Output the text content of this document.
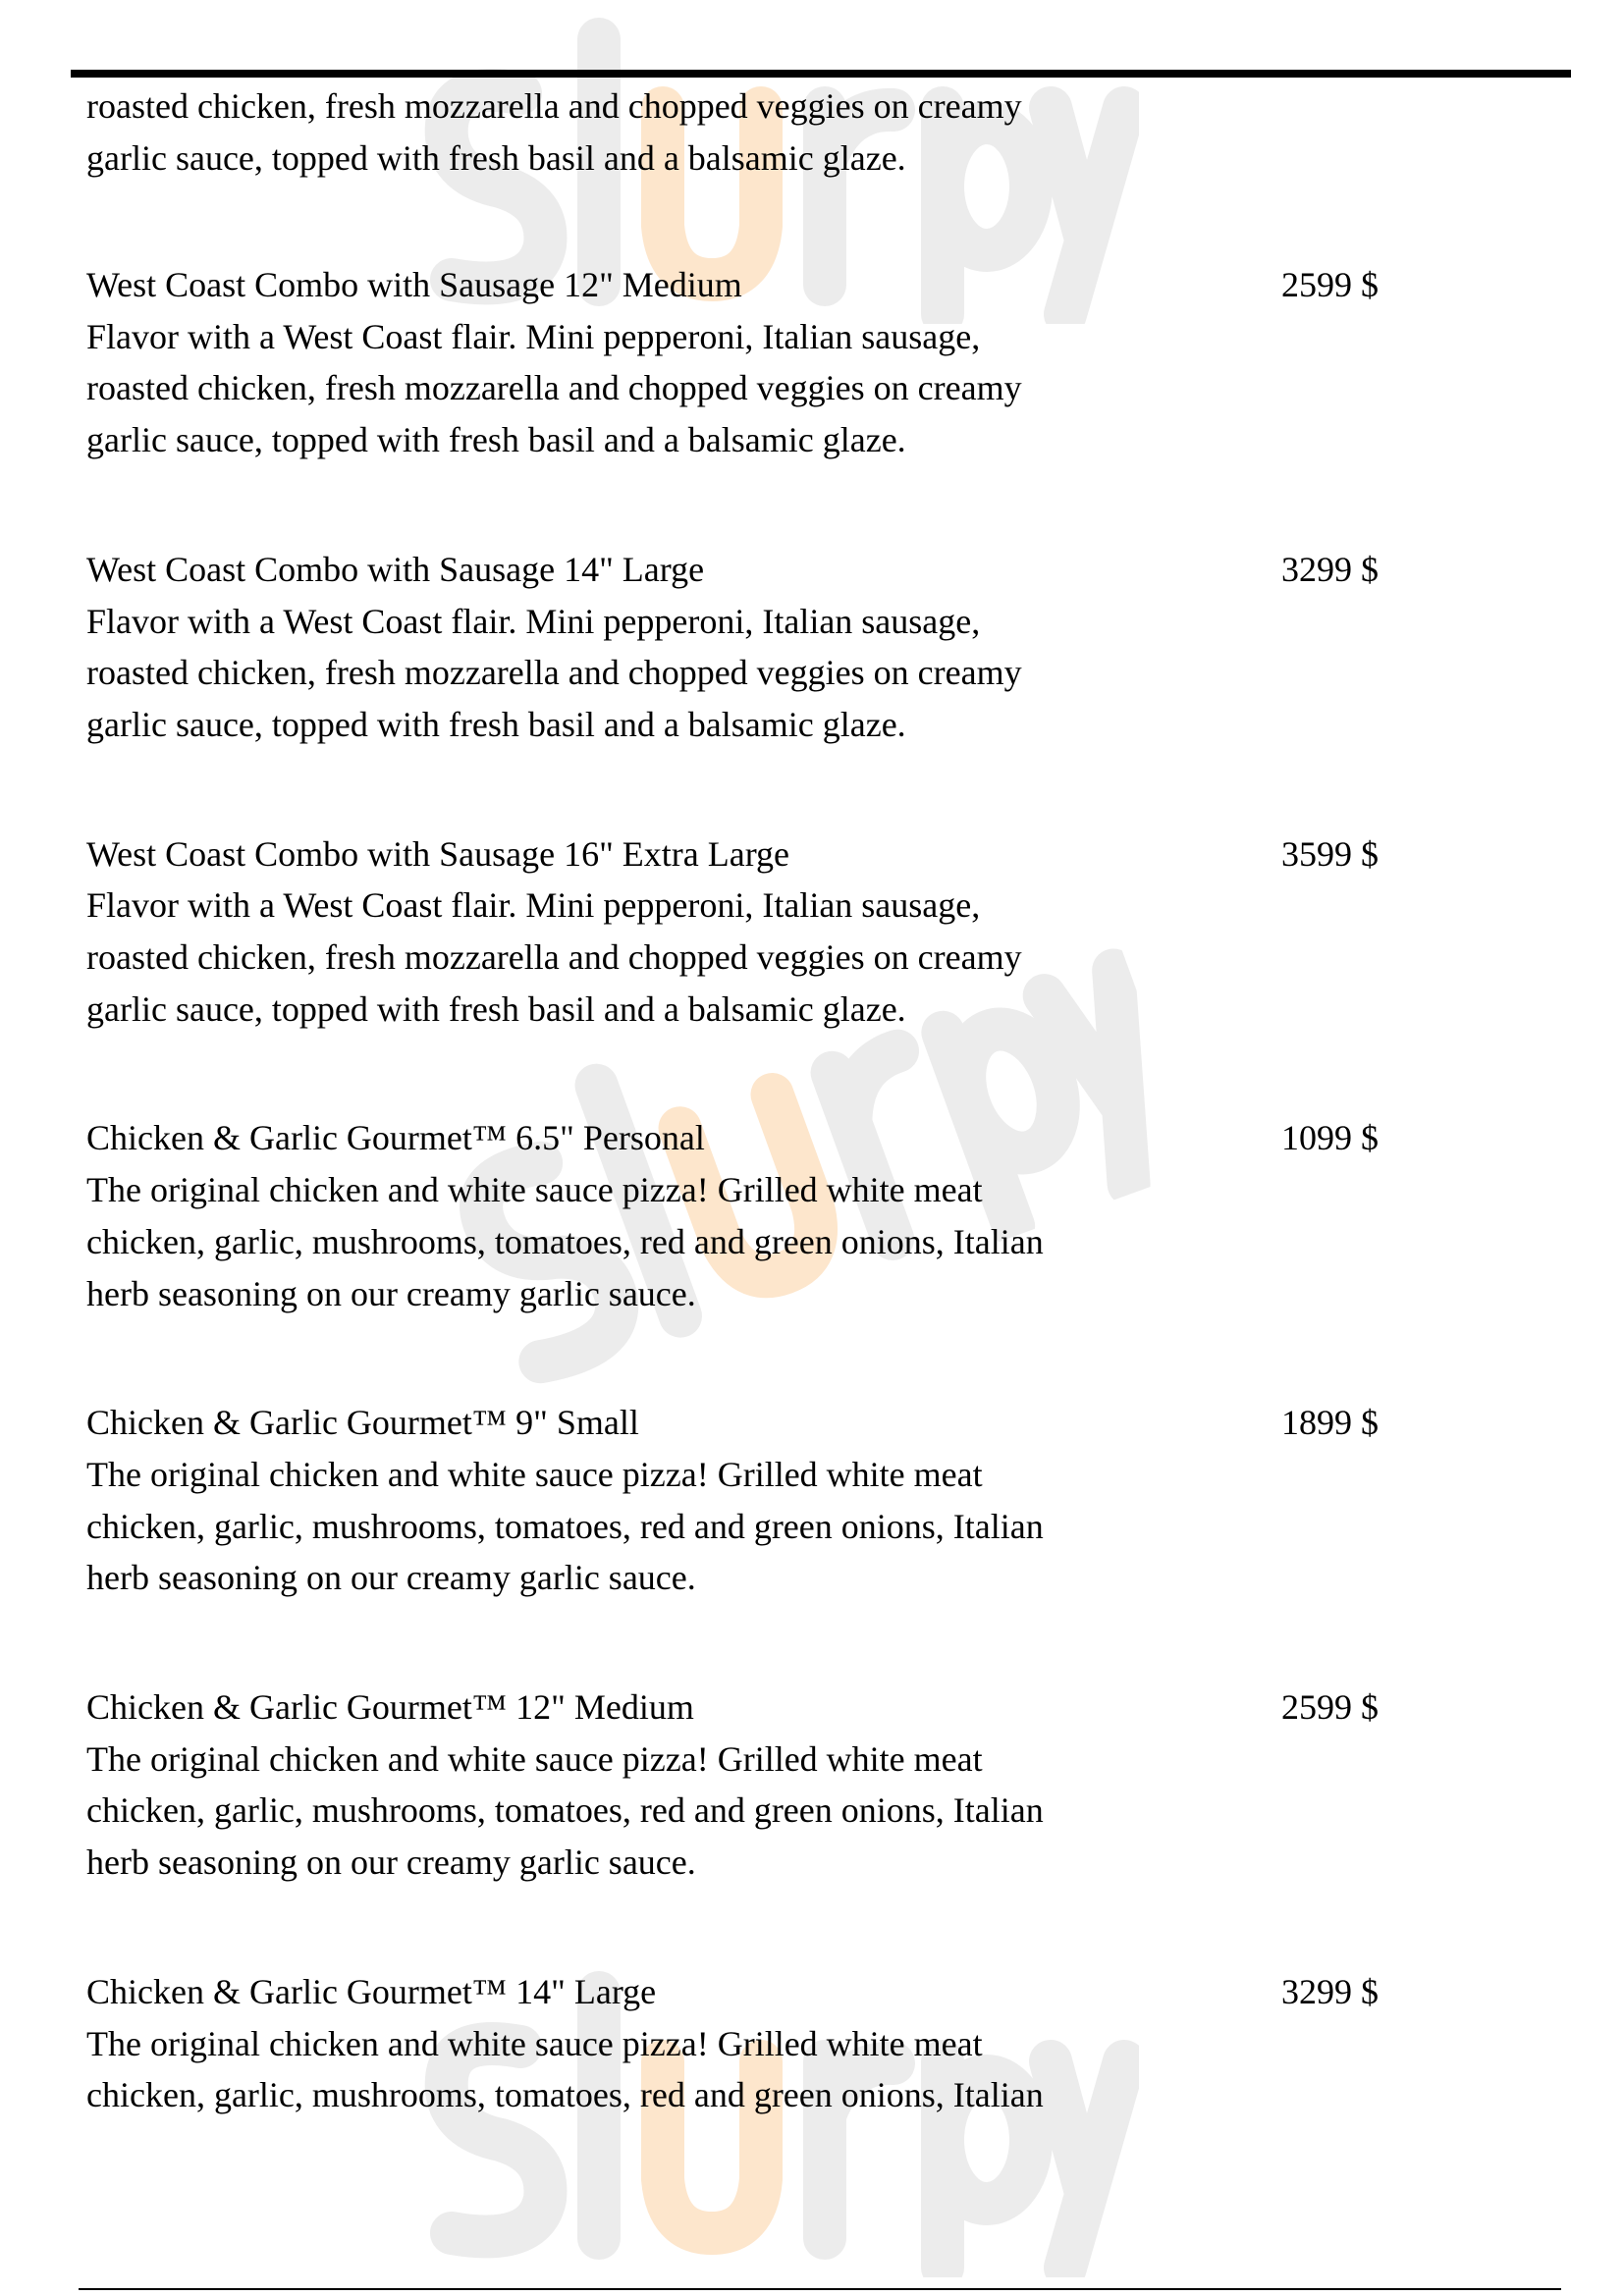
roasted chicken, fresh mozzarella and chopped veggies on creamy
garlic sauce, topped with fresh basil and a balsamic glaze.
West Coast Combo with Sausage 12" Medium	2599 $
Flavor with a West Coast flair. Mini pepperoni, Italian sausage,
roasted chicken, fresh mozzarella and chopped veggies on creamy
garlic sauce, topped with fresh basil and a balsamic glaze.
West Coast Combo with Sausage 14" Large	3299 $
Flavor with a West Coast flair. Mini pepperoni, Italian sausage,
roasted chicken, fresh mozzarella and chopped veggies on creamy
garlic sauce, topped with fresh basil and a balsamic glaze.
West Coast Combo with Sausage 16" Extra Large	3599 $
Flavor with a West Coast flair. Mini pepperoni, Italian sausage,
roasted chicken, fresh mozzarella and chopped veggies on creamy
garlic sauce, topped with fresh basil and a balsamic glaze.
Chicken & Garlic Gourmet™ 6.5" Personal	1099 $
The original chicken and white sauce pizza! Grilled white meat
chicken, garlic, mushrooms, tomatoes, red and green onions, Italian
herb seasoning on our creamy garlic sauce.
Chicken & Garlic Gourmet™ 9" Small	1899 $
The original chicken and white sauce pizza! Grilled white meat
chicken, garlic, mushrooms, tomatoes, red and green onions, Italian
herb seasoning on our creamy garlic sauce.
Chicken & Garlic Gourmet™ 12" Medium	2599 $
The original chicken and white sauce pizza! Grilled white meat
chicken, garlic, mushrooms, tomatoes, red and green onions, Italian
herb seasoning on our creamy garlic sauce.
Chicken & Garlic Gourmet™ 14" Large	3299 $
The original chicken and white sauce pizza! Grilled white meat
chicken, garlic, mushrooms, tomatoes, red and green onions, Italian
